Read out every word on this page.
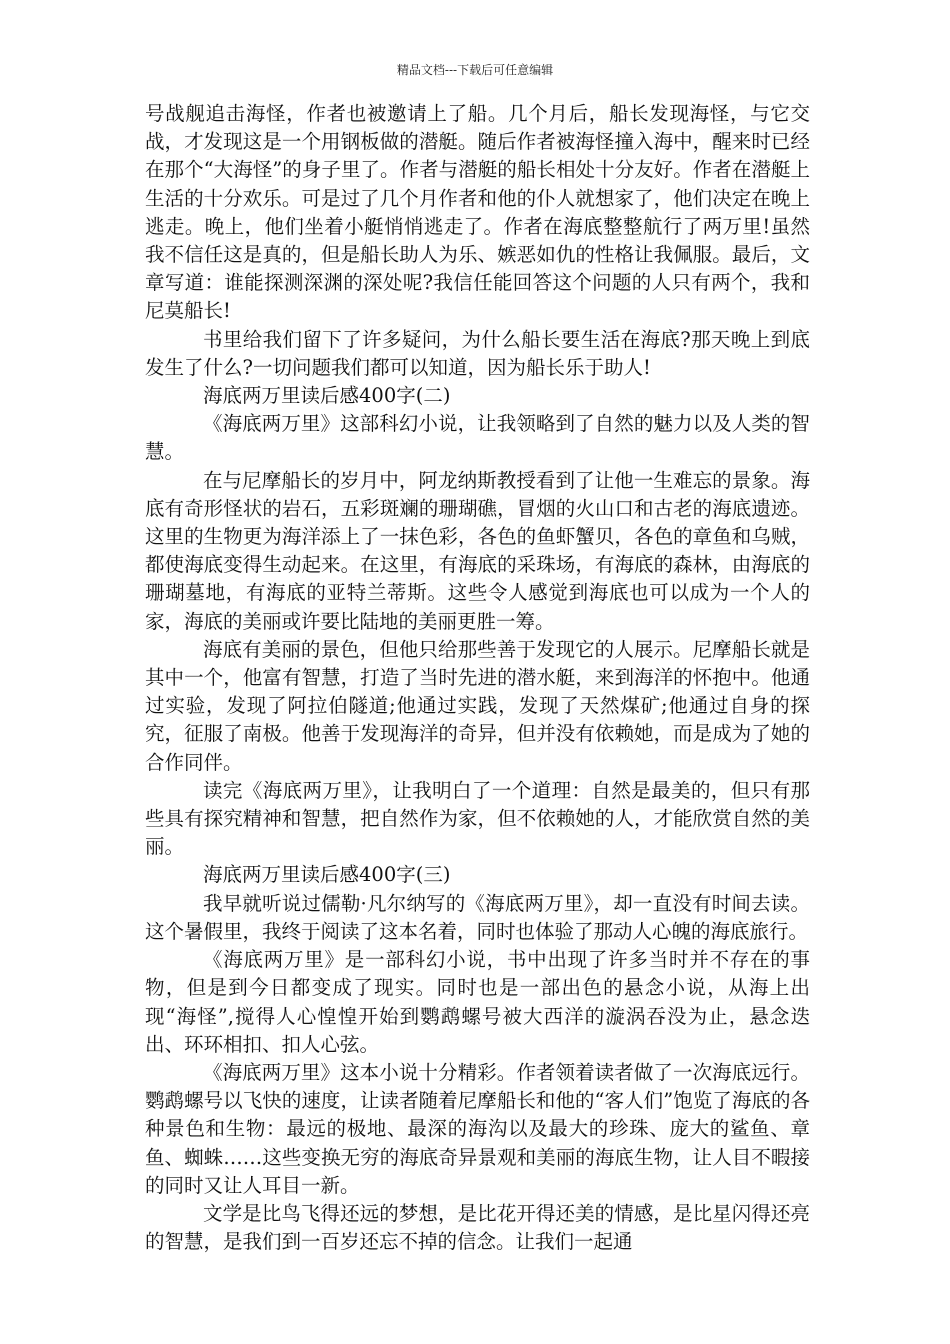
精品文档---下载后可任意编辑

号战舰追击海怪，作者也被邀请上了船。几个月后，船长发现海怪，与它交战，才发现这是一个用钢板做的潜艇。随后作者被海怪撞入海中，醒来时已经在那个“大海怪”的身子里了。作者与潜艇的船长相处十分友好。作者在潜艇上生活的十分欢乐。可是过了几个月作者和他的仆人就想家了，他们决定在晚上逃走。晚上，他们坐着小艇悄悄逃走了。作者在海底整整航行了两万里!虽然我不信任这是真的，但是船长助人为乐、嫉恶如仇的性格让我佩服。最后，文章写道：谁能探测深渊的深处呢?我信任能回答这个问题的人只有两个，我和尼莫船长!

书里给我们留下了许多疑问，为什么船长要生活在海底?那天晚上到底发生了什么?一切问题我们都可以知道，因为船长乐于助人!

海底两万里读后感400字(二)

《海底两万里》这部科幻小说，让我领略到了自然的魅力以及人类的智慧。

在与尼摩船长的岁月中，阿龙纳斯教授看到了让他一生难忘的景象。海底有奇形怪状的岩石，五彩斑斓的珊瑚礁，冒烟的火山口和古老的海底遗迹。这里的生物更为海洋添上了一抹色彩，各色的鱼虾蟹贝，各色的章鱼和乌贼，都使海底变得生动起来。在这里，有海底的采珠场，有海底的森林，由海底的珊瑚墓地，有海底的亚特兰蒂斯。这些令人感觉到海底也可以成为一个人的家，海底的美丽或许要比陆地的美丽更胜一筹。

海底有美丽的景色，但他只给那些善于发现它的人展示。尼摩船长就是其中一个，他富有智慧，打造了当时先进的潜水艇，来到海洋的怀抱中。他通过实验，发现了阿拉伯隧道;他通过实践，发现了天然煤矿;他通过自身的探究，征服了南极。他善于发现海洋的奇异，但并没有依赖她，而是成为了她的合作同伴。

读完《海底两万里》，让我明白了一个道理：自然是最美的，但只有那些具有探究精神和智慧，把自然作为家，但不依赖她的人，才能欣赏自然的美丽。

海底两万里读后感400字(三)

我早就听说过儒勒·凡尔纳写的《海底两万里》，却一直没有时间去读。这个暑假里，我终于阅读了这本名着，同时也体验了那动人心魄的海底旅行。

《海底两万里》是一部科幻小说，书中出现了许多当时并不存在的事物，但是到今日都变成了现实。同时也是一部出色的悬念小说，从海上出现“海怪”,搅得人心惶惶开始到鹦鹉螺号被大西洋的漩涡吞没为止，悬念迭出、环环相扣、扣人心弦。

《海底两万里》这本小说十分精彩。作者领着读者做了一次海底远行。鹦鹉螺号以飞快的速度，让读者随着尼摩船长和他的“客人们”饱览了海底的各种景色和生物：最远的极地、最深的海沟以及最大的珍珠、庞大的鲨鱼、章鱼、蜘蛛……这些变换无穷的海底奇异景观和美丽的海底生物，让人目不暇接的同时又让人耳目一新。

文学是比鸟飞得还远的梦想，是比花开得还美的情感，是比星闪得还亮的智慧，是我们到一百岁还忘不掉的信念。让我们一起通
